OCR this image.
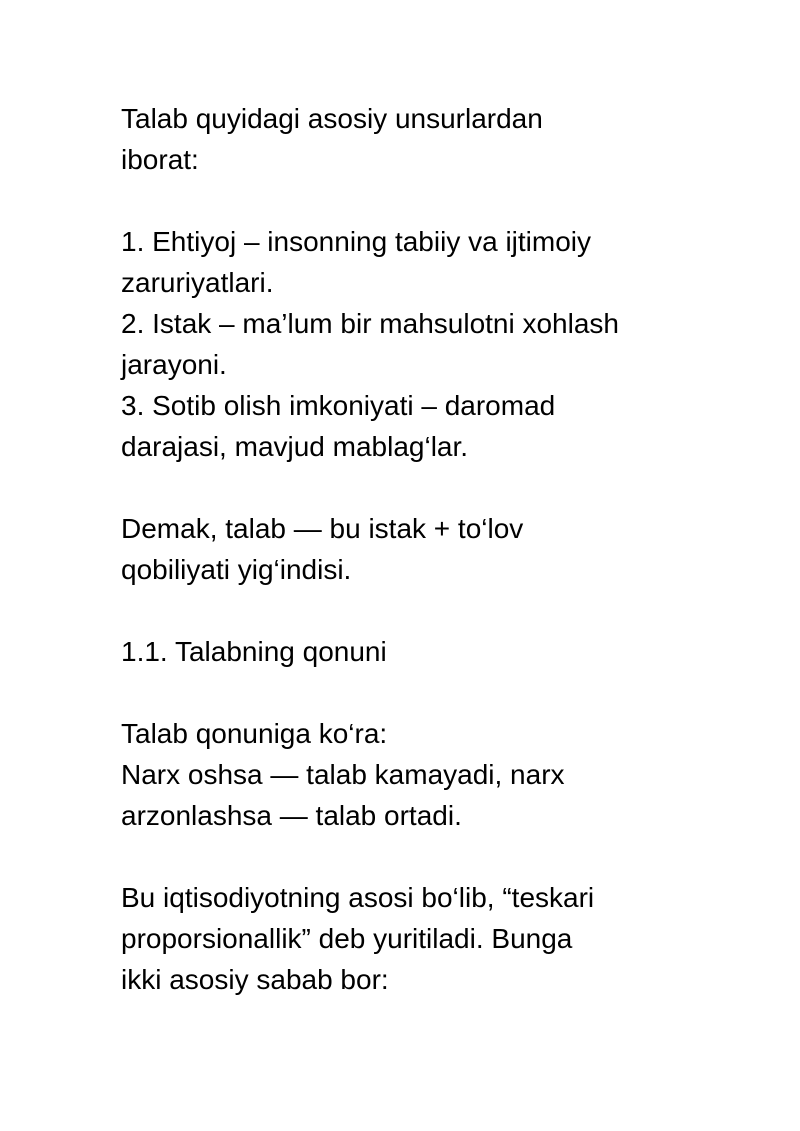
Talab quyidagi asosiy unsurlardan
iborat:

1. Ehtiyoj – insonning tabiiy va ijtimoiy
zaruriyatlari.

2. Istak – ma’lum bir mahsulotni xohlash
jarayoni.

3. Sotib olish imkoniyati – daromad
darajasi, mavjud mablag‘lar.

Demak, talab — bu istak + to‘lov
qobiliyati yig‘indisi.

1.1. Talabning qonuni

Talab qonuniga ko‘ra:

Narx oshsa — talab kamayadi, narx
arzonlashsa — talab ortadi.

Bu iqtisodiyotning asosi bo‘lib, “teskari
proporsionallik” deb yuritiladi. Bunga
ikki asosiy sabab bor:
